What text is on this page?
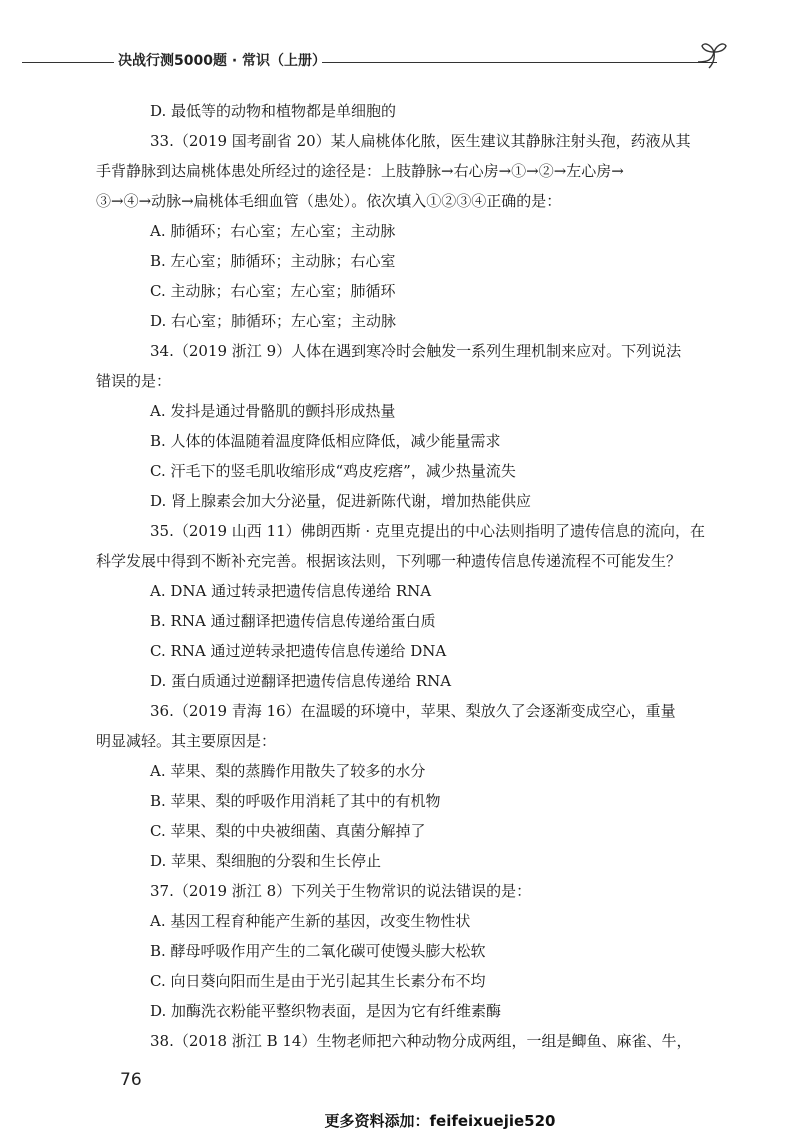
决战行测5000题 · 常识（上册）

D. 最低等的动物和植物都是单细胞的

33.（2019 国考副省 20）某人扁桃体化脓，医生建议其静脉注射头孢，药液从其

手背静脉到达扁桃体患处所经过的途径是：上肢静脉→右心房→①→②→左心房→

③→④→动脉→扁桃体毛细血管（患处）。依次填入①②③④正确的是：

A. 肺循环；右心室；左心室；主动脉

B. 左心室；肺循环；主动脉；右心室

C. 主动脉；右心室；左心室；肺循环

D. 右心室；肺循环；左心室；主动脉

34.（2019 浙江 9）人体在遇到寒冷时会触发一系列生理机制来应对。下列说法

错误的是：

A. 发抖是通过骨骼肌的颤抖形成热量

B. 人体的体温随着温度降低相应降低，减少能量需求

C. 汗毛下的竖毛肌收缩形成“鸡皮疙瘩”，减少热量流失

D. 肾上腺素会加大分泌量，促进新陈代谢，增加热能供应

35.（2019 山西 11）佛朗西斯 · 克里克提出的中心法则指明了遗传信息的流向，在

科学发展中得到不断补充完善。根据该法则，下列哪一种遗传信息传递流程不可能发生？

A. DNA 通过转录把遗传信息传递给 RNA

B. RNA 通过翻译把遗传信息传递给蛋白质

C. RNA 通过逆转录把遗传信息传递给 DNA

D. 蛋白质通过逆翻译把遗传信息传递给 RNA

36.（2019 青海 16）在温暖的环境中，苹果、梨放久了会逐渐变成空心，重量

明显减轻。其主要原因是：

A. 苹果、梨的蒸腾作用散失了较多的水分

B. 苹果、梨的呼吸作用消耗了其中的有机物

C. 苹果、梨的中央被细菌、真菌分解掉了

D. 苹果、梨细胞的分裂和生长停止

37.（2019 浙江 8）下列关于生物常识的说法错误的是：

A. 基因工程育种能产生新的基因，改变生物性状

B. 酵母呼吸作用产生的二氧化碳可使馒头膨大松软

C. 向日葵向阳而生是由于光引起其生长素分布不均

D. 加酶洗衣粉能平整织物表面，是因为它有纤维素酶

38.（2018 浙江 B 14）生物老师把六种动物分成两组，一组是鲫鱼、麻雀、牛，

76
更多资料添加：feifeixuejie520
